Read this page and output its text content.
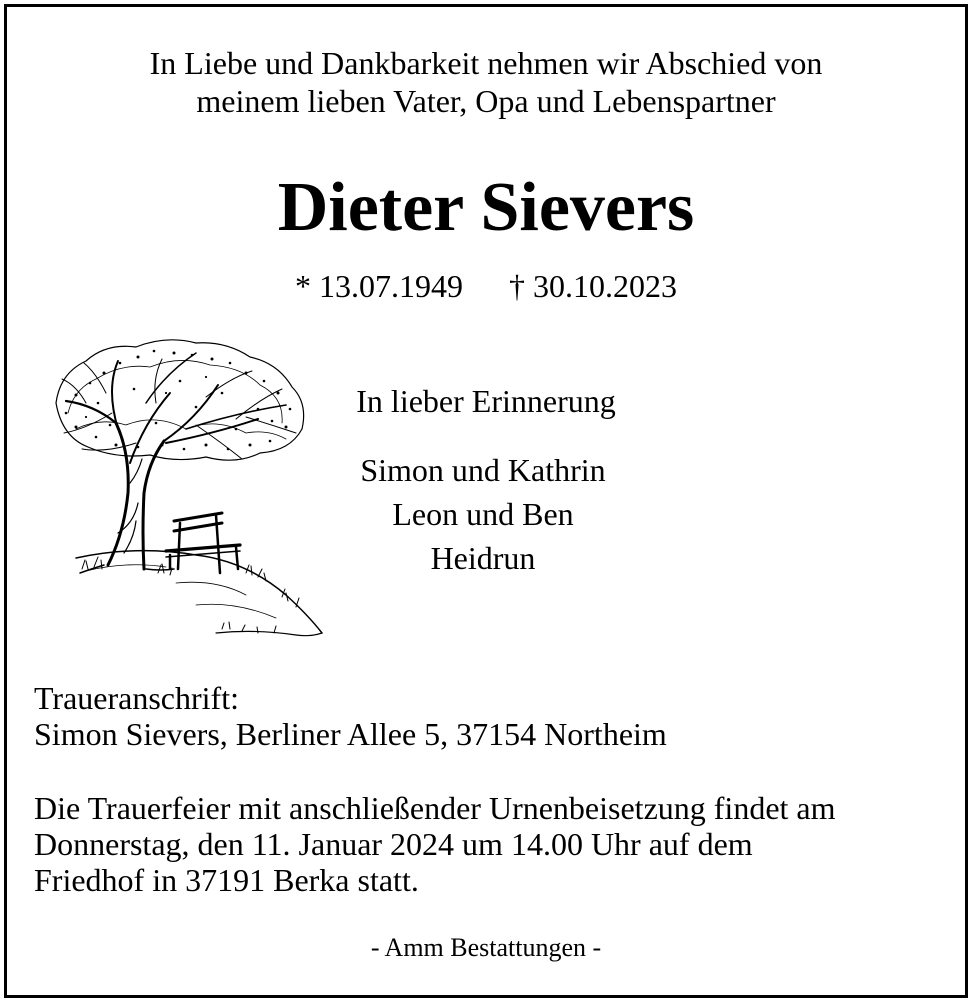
In Liebe und Dankbarkeit nehmen wir Abschied von
meinem lieben Vater, Opa und Lebenspartner
Dieter Sievers
* 13.07.1949 † 30.10.2023
In lieber Erinnerung
Simon und Kathrin
Leon und Ben
Heidrun
Traueranschrift:
Simon Sievers, Berliner Allee 5, 37154 Northeim
Die Trauerfeier mit anschließender Urnenbeisetzung findet am
Donnerstag, den 11. Januar 2024 um 14.00 Uhr auf dem
Friedhof in 37191 Berka statt.
- Amm Bestattungen -
